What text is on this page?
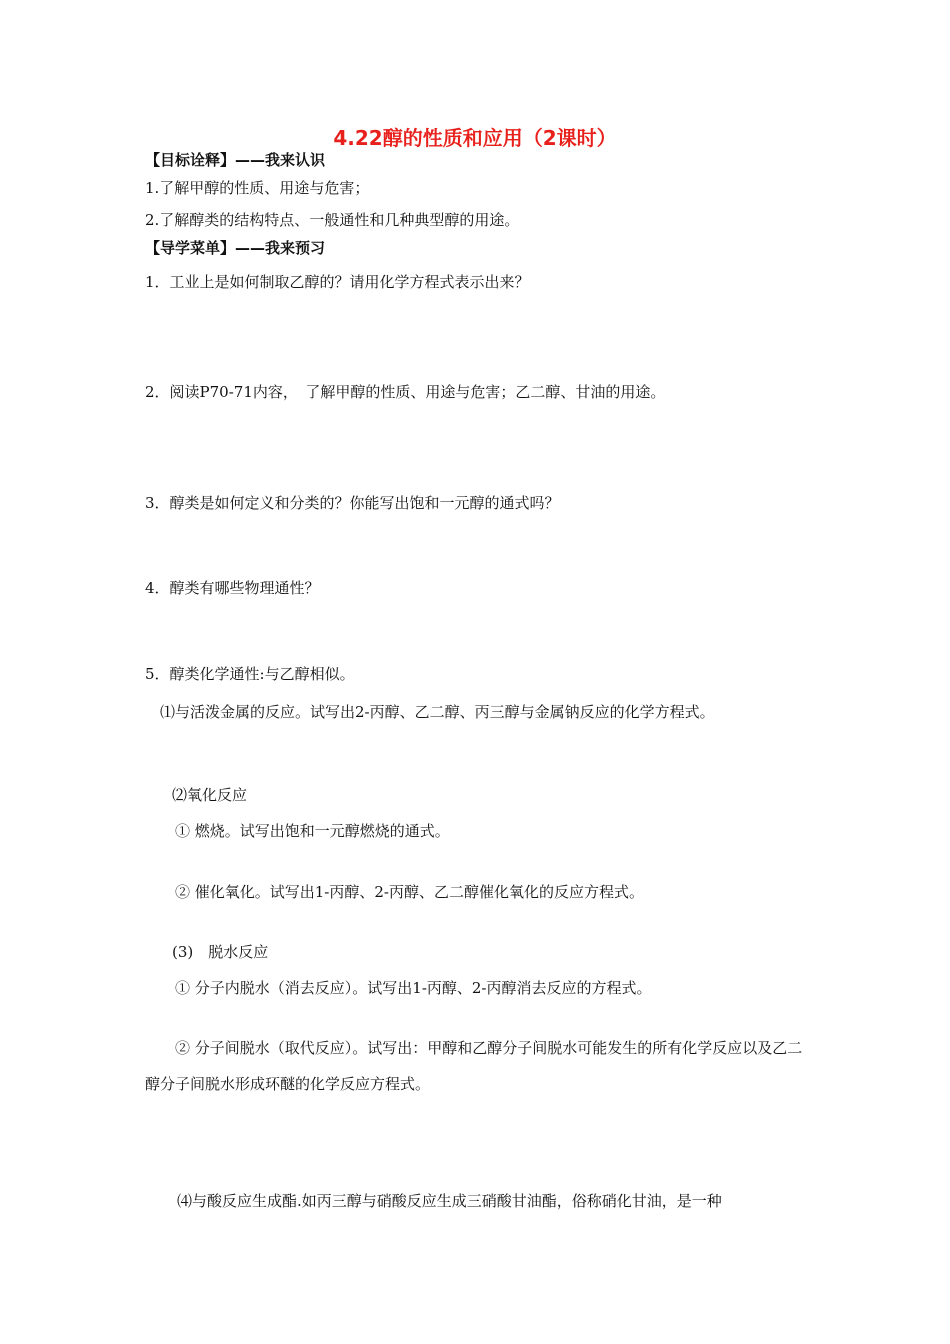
4.22醇的性质和应用（2课时）
【目标诠释】——我来认识
1.了解甲醇的性质、用途与危害；
2.了解醇类的结构特点、一般通性和几种典型醇的用途。
【导学菜单】——我来预习
1．工业上是如何制取乙醇的？请用化学方程式表示出来？
2．阅读P70-71内容，　了解甲醇的性质、用途与危害；乙二醇、甘油的用途。
3．醇类是如何定义和分类的？你能写出饱和一元醇的通式吗？
4．醇类有哪些物理通性？
5．醇类化学通性:与乙醇相似。
⑴与活泼金属的反应。试写出2-丙醇、乙二醇、丙三醇与金属钠反应的化学方程式。
⑵氧化反应
① 燃烧。试写出饱和一元醇燃烧的通式。
② 催化氧化。试写出1-丙醇、2-丙醇、乙二醇催化氧化的反应方程式。
(3)　脱水反应
① 分子内脱水（消去反应）。试写出1-丙醇、2-丙醇消去反应的方程式。
② 分子间脱水（取代反应）。试写出：甲醇和乙醇分子间脱水可能发生的所有化学反应以及乙二醇分子间脱水形成环醚的化学反应方程式。
⑷与酸反应生成酯.如丙三醇与硝酸反应生成三硝酸甘油酯，俗称硝化甘油，是一种
